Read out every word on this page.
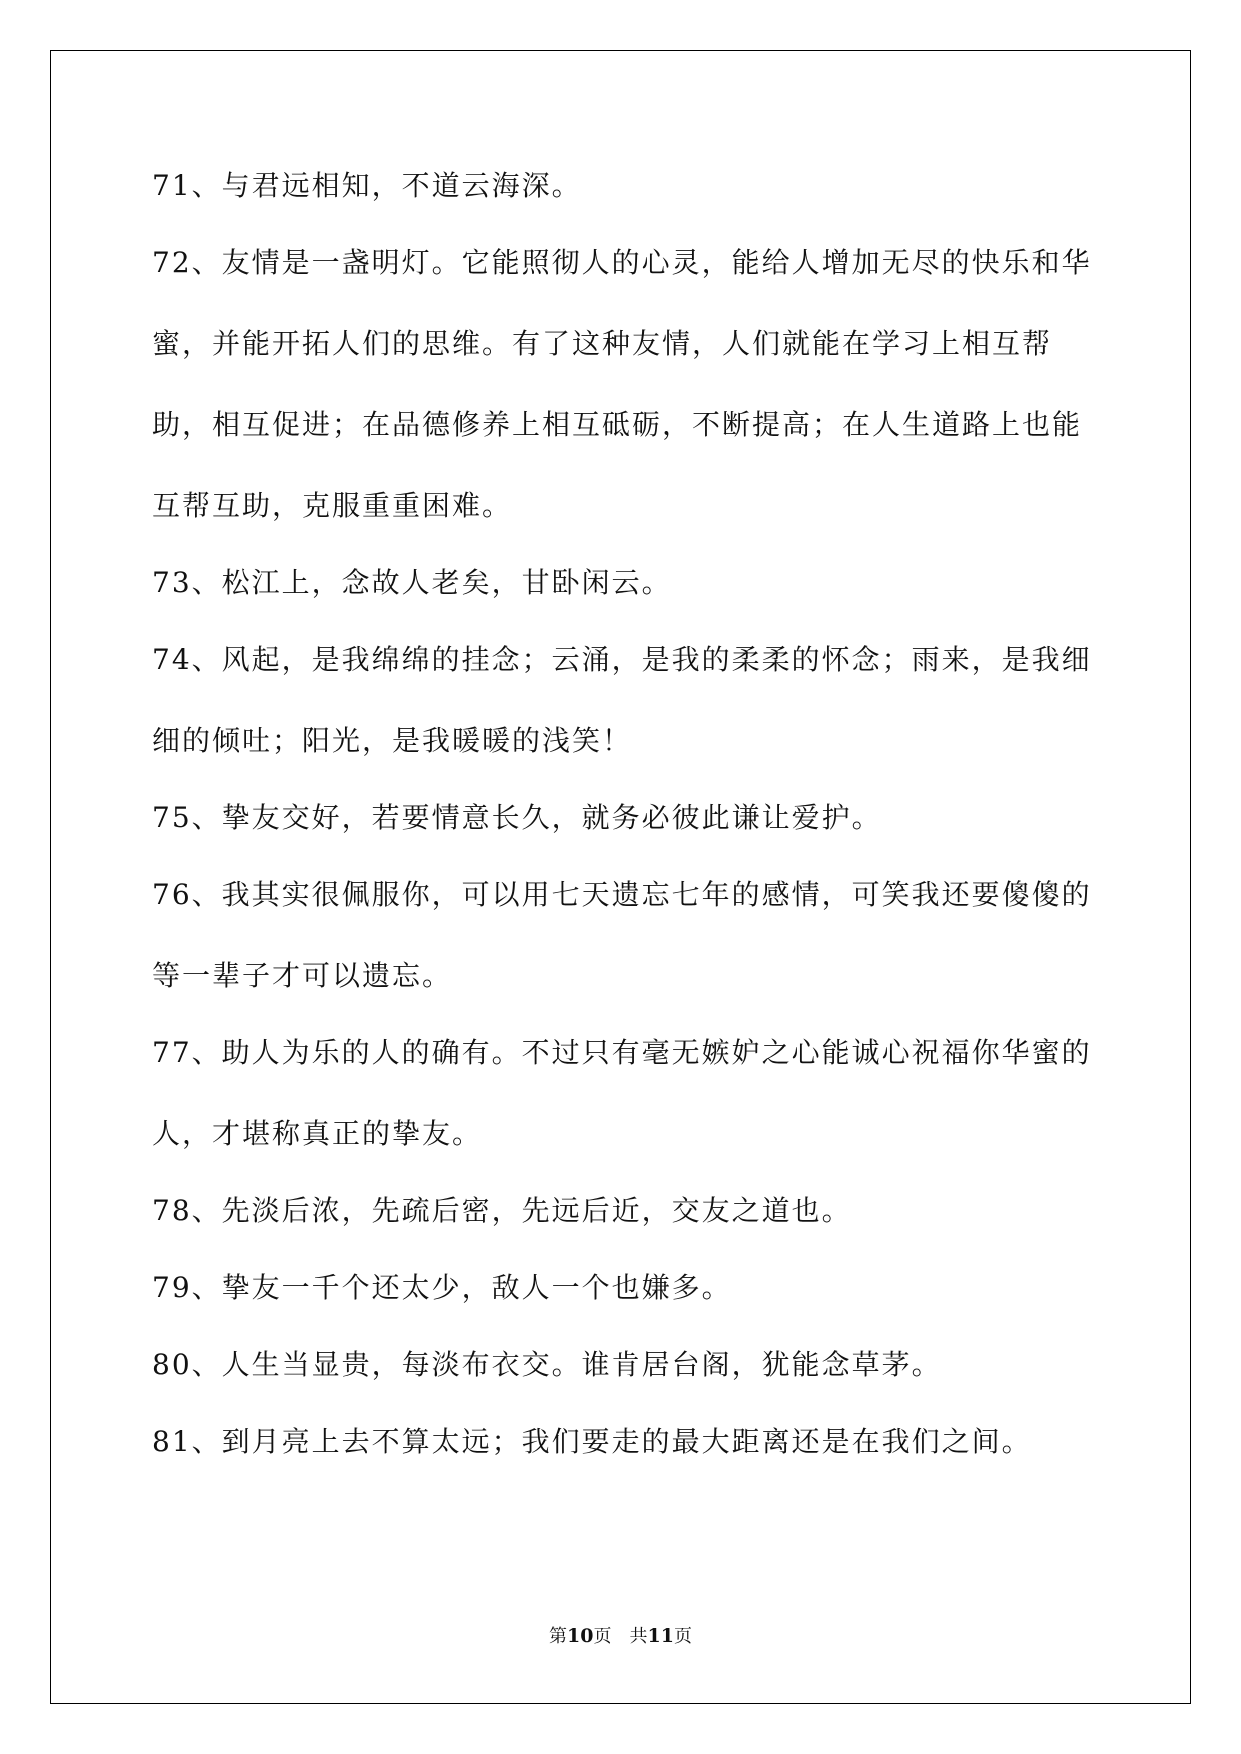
71、与君远相知，不道云海深。

72、友情是一盏明灯。它能照彻人的心灵，能给人增加无尽的快乐和华蜜，并能开拓人们的思维。有了这种友情，人们就能在学习上相互帮助，相互促进；在品德修养上相互砥砺，不断提高；在人生道路上也能互帮互助，克服重重困难。

73、松江上，念故人老矣，甘卧闲云。

74、风起，是我绵绵的挂念；云涌，是我的柔柔的怀念；雨来，是我细细的倾吐；阳光，是我暖暖的浅笑！

75、挚友交好，若要情意长久，就务必彼此谦让爱护。

76、我其实很佩服你，可以用七天遗忘七年的感情，可笑我还要傻傻的等一辈子才可以遗忘。

77、助人为乐的人的确有。不过只有毫无嫉妒之心能诚心祝福你华蜜的人，才堪称真正的挚友。

78、先淡后浓，先疏后密，先远后近，交友之道也。

79、挚友一千个还太少，敌人一个也嫌多。

80、人生当显贵，每淡布衣交。谁肯居台阁，犹能念草茅。

81、到月亮上去不算太远；我们要走的最大距离还是在我们之间。

第10页　共11页
